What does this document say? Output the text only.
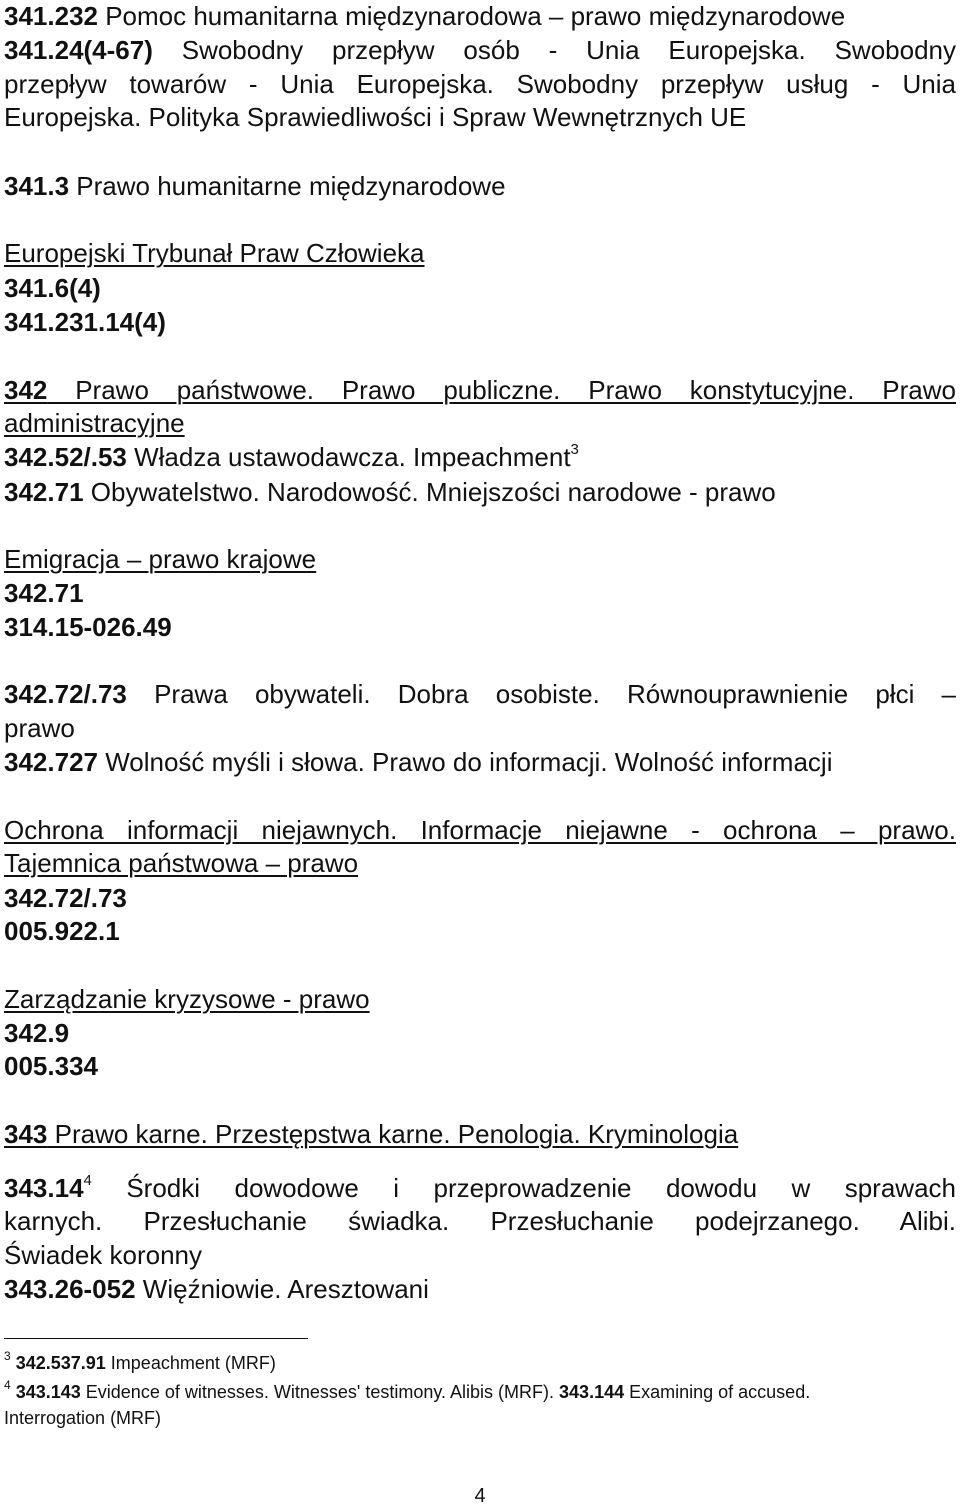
341.232 Pomoc humanitarna międzynarodowa – prawo międzynarodowe

341.24(4-67) Swobodny przepływ osób - Unia Europejska. Swobodny

przepływ towarów - Unia Europejska. Swobodny przepływ usług - Unia

Europejska. Polityka Sprawiedliwości i Spraw Wewnętrznych UE

341.3 Prawo humanitarne międzynarodowe

Europejski Trybunał Praw Człowieka

341.6(4)

341.231.14(4)

342 Prawo państwowe. Prawo publiczne. Prawo konstytucyjne. Prawo

administracyjne

342.52/.53 Władza ustawodawcza. Impeachment$^3$

342.71 Obywatelstwo. Narodowość. Mniejszości narodowe - prawo

Emigracja – prawo krajowe

342.71

314.15-026.49

342.72/.73 Prawa obywateli. Dobra osobiste. Równouprawnienie płci –

prawo

342.727 Wolność myśli i słowa. Prawo do informacji. Wolność informacji

Ochrona informacji niejawnych. Informacje niejawne - ochrona – prawo.

Tajemnica państwowa – prawo

342.72/.73

005.922.1

Zarządzanie kryzysowe - prawo

342.9

005.334

343 Prawo karne. Przestępstwa karne. Penologia. Kryminologia

343.14$^4$ Środki dowodowe i przeprowadzenie dowodu w sprawach

karnych. Przesłuchanie świadka. Przesłuchanie podejrzanego. Alibi.

Świadek koronny

343.26-052 Więźniowie. Aresztowani

$^3$ 342.537.91 Impeachment (MRF)

$^4$ 343.143 Evidence of witnesses. Witnesses' testimony. Alibis (MRF). 343.144 Examining of accused.

Interrogation (MRF)

4
